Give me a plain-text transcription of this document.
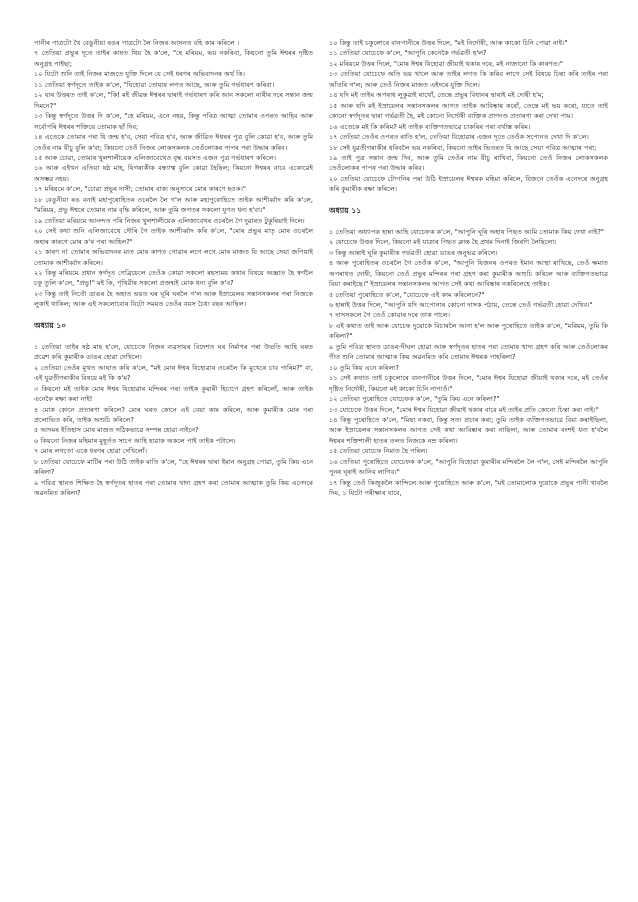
পানীৰ পাত্ৰটো থৈ বেঙুনীয়া ৰঙৰ পাত্ৰটো লৈ নিজৰ আসনত বহি কাম কৰিলে ।

৭ তেতিয়া প্ৰভুৰ দূতে তাইৰ কাষত থিয় হৈ ক'লে, "হে মৰিয়ম, ভয় নকৰিবা, কিয়নো তুমি ঈশ্বৰৰ দৃষ্টিত অনুগ্ৰহ পাইছা;

১০ যিটো শুনি তাই নিজৰ মাজতে যুক্তি দিলে যে সেই ধৰণৰ অভিবাদনৰ অৰ্থ কি।

১১ তেতিয়া স্বৰ্গদূতে তাইক ক'লে, "যিহোৱা তোমাৰ লগত আছে, আৰু তুমি গৰ্ভধাৰণ কৰিবা।

১২ যাৰ উত্তৰত তাই ক'লে, "কি! মই জীৱন্ত ঈশ্বৰৰ দ্বাৰাই গৰ্ভধাৰণ কৰি আন সকলো নাৰীৰ দৰে সন্তান জন্ম দিমনে?"

১৩ কিন্তু স্বৰ্গদূতে উত্তৰ দি ক'লে, "হে মৰিয়ম, এনে নহয়, কিন্তু পবিত্ৰ আত্মা তোমাৰ ওপৰত আহিব আৰু সৰ্বোপৰি ঈশ্বৰৰ শক্তিয়ে তোমাক ছাঁ দিব;

১৪ এতেকে তোমাৰ পৰা যি জন্ম হ'ব, সেয়া পবিত্ৰ হ'ব, আৰু জীৱিত ঈশ্বৰৰ পুত্ৰ বুলি কোৱা হ'ব, আৰু তুমি তেওঁৰ নাম যীচু বুলি ক'বা; কিয়নো তেওঁ নিজৰ লোকসকলক তেওঁলোকৰ পাপৰ পৰা উদ্ধাৰ কৰিব।

১৫ আৰু চোৱা, তোমাৰ খুলশালীয়েক এলিজাবেথেও বৃদ্ধ বয়সত এজন পুত্ৰ গৰ্ভধাৰণ কৰিলে।

১৬ আৰু এইখন এতিয়া ষষ্ঠ মাহ, যিগৰাকীক বন্ধ্যাত্ব বুলি কোৱা হৈছিল; কিয়নো ঈশ্বৰৰ বাবে একোৱেই অসম্ভৱ নহয়।

১৭ মৰিয়মে ক'লে, "চোৱা প্ৰভুৰ দাসী; তোমাৰ বাক্য অনুসাৰে মোৰ কাৰণে হওক।"

১৮ বেঙুনীয়া ৰঙ বনাই মহাপুৰোহিতৰ ওচৰলৈ লৈ গ'ল আৰু মহাপুৰোহিতে তাইক আশীৰ্ব্বাদ কৰি ক'লে, "মৰিয়ম, প্ৰভু ঈশ্বৰে তোমাৰ নাম বৃদ্ধি কৰিলে, আৰু তুমি জগতৰ সকলো যুগত ধন্য হ'বা।"

১৯ তেতিয়া মৰিয়মে আনন্দত পৰি নিজৰ খুলশালীয়েক এলিজাবেথৰ ওচৰলৈ গৈ দুৱাৰত টুকুৰিয়াই দিলে।

২০ সেই কথা শুনি এলিজাবেথে দৌৰি গৈ তাইক আশীৰ্ব্বাদ কৰি ক'লে, "মোৰ প্ৰভুৰ মাতৃ মোৰ ওচৰলৈ অহাৰ কাৰণে মোৰ ক'ৰ পৰা আহিল?"

২১ কাৰণ ন! তোমাৰ অভিবাদনৰ মাত মোৰ কাণত পোৱাৰ লগে লগে মোৰ মাজত যি আছে সেয়া জপিয়াই তোমাক আশীৰ্ব্বাদ কৰিলে।

২২ কিন্তু মৰিয়মে প্ৰধান স্বৰ্গদূত গেব্ৰিয়েলে তেওঁক কোৱা সকলো ৰহস্যময় কথাৰ বিষয়ে অজ্ঞাত হৈ স্বৰ্গলৈ চকু তুলি ক'লে, "প্ৰভু!" মই কি, পৃথিৱীৰ সকলো প্ৰজন্মই মোক ধন্য বুলি ক'ব?

২৩ কিন্তু তাই নিতৌ ডাঙৰ হৈ অহাত ভয়ত ঘৰ ঘূৰি ঘৰলৈ গ'ল আৰু ইস্ৰায়েলৰ সন্তানসকলৰ পৰা নিজকে লুকাই থাকিল; আৰু এই সকলোবোৰ যিটো সময়ত তেওঁৰ বয়স চৈধ্য বছৰ আছিল।

অধ্যায় ১০

১ তেতিয়া তাইৰ ষষ্ঠ মাহ হ'লে, যোচেফে নিজৰ ব্যৱসায়ৰ বিদেশত ঘৰ নিৰ্মাণৰ পৰা উভতি আহি ঘৰত প্ৰৱেশ কৰি কুমাৰীক ডাঙৰ হোৱা দেখিলে।

২ তেতিয়া তেওঁৰ মুখত আঘাত কৰি ক'লে, "মই মোৰ ঈশ্বৰ যিহোৱাৰ ওচৰলৈ কি মুখেৰে চাব পাৰিম?" বা, এই যুৱতীগৰাকীৰ বিষয়ে মই কি ক'ম?

৩ কিয়নো মই তাইক মোৰ ঈশ্বৰ যিহোৱাৰ মন্দিৰৰ পৰা তাইক কুমাৰী হিচাপে গ্ৰহণ কৰিলোঁ, আৰু তাইক এনেকৈ ৰক্ষা কৰা নাই!

৪ মোক কোনে প্ৰতাৰণা কৰিলে? মোৰ ঘৰত কোনে এই বেয়া কাম কৰিলে, আৰু কুমাৰীক মোৰ পৰা প্ৰলোভিত কৰি, তাইক অশুচি কৰিলে?

৫ আদমৰ ইতিহাস মোৰ মাজত সঠিকভাৱে সম্পন্ন হোৱা নাইনে?

৬ কিয়নো নিজৰ মহিমাৰ মুহূৰ্তত সাপে আহি হাৱাক অকলে পাই তাইক পটালে।

৭ মোৰ লগতো একে ধৰণৰ হোৱা দেখিলোঁ।

৮ তেতিয়া যোচেফে মাটিৰ পৰা উঠি তাইক মাতি ক'লে, "হে ঈশ্বৰৰ দ্বাৰা ইমান অনুগ্ৰহ পোৱা, তুমি কিয় এনে কৰিলা?

৯ পবিত্ৰ স্থানত শিক্ষিত হৈ স্বৰ্গদূতৰ হাতৰ পৰা তোমাৰ খাদ্য গ্ৰহণ কৰা তোমাৰ আত্মাক তুমি কিয় এনেদৰে অৱনমিত কৰিলা?

১০ কিন্তু তাই চকুলোৰে বানপানীৰে উত্তৰ দিলে, "মই নিৰ্দোষী, আৰু কাকো চিনি পোৱা নাই।"

১১ তেতিয়া যোচেফে ক'লে, "আপুনি কেনেকৈ গৰ্ভৱতী হ'ল?

১২ মৰিয়মে উত্তৰ দিলে, "মোৰ ঈশ্বৰ যিহোৱা জীয়াই থকাৰ দৰে, মই নাজানো কি কাৰণত।"

১৩ তেতিয়া যোচেফে অতি ভয় খালে আৰু তাইৰ লগত কি কৰিব লাগে সেই বিষয়ে চিন্তা কৰি তাইৰ পৰা আঁতৰি গ'ল; আৰু তেওঁ নিজৰ মাজত এইদৰে যুক্তি দিলে।

১৪ যদি মই তাইৰ অপৰাধ লুকুৱাই ৰাখোঁ, তেন্তে প্ৰভুৰ বিধানৰ দ্বাৰাই মই দোষী হ'ম;

১৫ আৰু যদি মই ইস্ৰায়েলৰ সন্তানসকলৰ আগত তাইক আবিষ্কাৰ কৰোঁ, তেন্তে মই ভয় কৰো, যাতে তাই কোনো স্বৰ্গদূতৰ দ্বাৰা গৰ্ভৱতী হৈ, মই কোনো নিৰ্দোষী ব্যক্তিক প্ৰাণদণ্ড প্ৰতাৰণা কৰা দেখা পাম।

১৬ এতেকে মই কি কৰিম? মই তাইক ব্যক্তিগতভাৱে চাকৰিৰ পৰা বৰ্খাস্ত কৰিম।

১৭ তেতিয়া তেওঁৰ ওপৰত ৰাতি হ'ল, তেতিয়া যিহোৱাৰ এজন দূতে তেওঁক সপোনত দেখা দি ক'লে।

১৮ সেই যুৱতীগৰাকীৰ ধৰিবলৈ ভয় নকৰিবা, কিয়নো তাইৰ ভিতৰত যি আছে সেয়া পবিত্ৰ আত্মাৰ পৰা;

১৯ তাই পুত্ৰ সন্তান জন্ম দিব, আৰু তুমি তেওঁৰ নাম যীচু ৰাখিবা, কিয়নো তেওঁ নিজৰ লোকসকলক তেওঁলোকৰ পাপৰ পৰা উদ্ধাৰ কৰিব।

২০ তেতিয়া যোচেফে টোপনিৰ পৰা উঠি ইস্ৰায়েলৰ ঈশ্বৰক মহিমা কৰিলে, যিজনে তেওঁক এনেদৰে অনুগ্ৰহ কৰি কুমাৰীক ৰক্ষা কৰিলে।

অধ্যায় ১১

১ তেতিয়া অধ্যাপক হান্না আহি যোচেফক ক'লে, "আপুনি ঘূৰি অহাৰ পিছত আমি তোমাক কিয় দেখা নাই?"

২ যোচেফে উত্তৰ দিলে, কিয়নো মই যাত্ৰাৰ পিছত ক্লান্ত হৈ প্ৰথম দিনাই জিৰণি লৈছিলো।

৩ কিন্তু আন্নাই ঘূৰি কুমাৰীক গৰ্ভৱতী হোৱা ডাঙৰ অনুভৱ কৰিলে।

৪ আৰু পুৰোহিতৰ ওচৰলৈ গৈ তেওঁক ক'লে, "আপুনি যিজনৰ ওপৰত ইমান আস্থা ৰাখিছে, তেওঁ ক্ষমাত অপৰাধত দোষী, কিয়নো তেওঁ প্ৰভুৰ মন্দিৰৰ পৰা গ্ৰহণ কৰা কুমাৰীক অশুচি কৰিলে আৰু ব্যক্তিগতভাৱে বিয়া কৰাইছে।" ইস্ৰায়েলৰ সন্তানসকলৰ আগত সেই কথা আবিষ্কাৰ নকৰিলেহে তাইক।

৫ তেতিয়া পুৰোহিতে ক'লে, "যোচেফে এই কাম কৰিলেনে?"

৬ হান্নাই উত্তৰ দিলে, "আপুনি যদি আপোনাৰ কোনো দাসক পঠায়, তেন্তে তেওঁ গৰ্ভৱতী হোৱা দেখিব।"

৭ দাসসকলে গৈ তেওঁ কোৱাৰ দৰে তাক পালে।

৮ এই কথাত তাই আৰু যোচেফ দুয়োকে বিচাৰলৈ আনা হ'ল আৰু পুৰোহিতে তাইক ক'লে, "মৰিয়ম, তুমি কি কৰিলা?"

৯ তুমি পবিত্ৰ স্থানত ডাঙৰ-দীঘল হোৱা আৰু স্বৰ্গদূতৰ হাতৰ পৰা তোমাৰ খাদ্য গ্ৰহণ কৰি আৰু তেওঁলোকৰ গীত শুনি তোমাৰ আত্মাক কিয় অৱনমিত কৰি তোমাৰ ঈশ্বৰক পাহৰিলা?

১০ তুমি কিয় এনে কৰিলা?

১১ সেই কথাত তাই চকুলোৰে বানপানীৰে উত্তৰ দিলে, "মোৰ ঈশ্বৰ যিহোৱা জীয়াই থকাৰ দৰে, মই তেওঁৰ দৃষ্টিত নিৰ্দোষী, কিয়নো মই কাকো চিনি নাপাওঁ।"

১২ তেতিয়া পুৰোহিতে যোচেফক ক'লে, "তুমি কিয় এনে কৰিলা?"

১৩ যোচেফে উত্তৰ দিলে, "মোৰ ঈশ্বৰ যিহোৱা জীয়াই থকাৰ বাবে মই তাইৰ প্ৰতি কোনো চিন্তা কৰা নাই।"

১৪ কিন্তু পুৰোহিতে ক'লে, "মিছা নকবা, কিন্তু সত্য প্ৰচাৰ কৰা; তুমি তাইক ব্যক্তিগতভাৱে বিয়া কৰাইছিলা, আৰু ইস্ৰায়েলৰ সন্তানসকলৰ আগত সেই কথা আবিষ্কাৰ কৰা নাছিলা, আৰু তোমাৰ বংশই ধন্য হ'বলৈ ঈশ্বৰৰ শক্তিশালী হাতৰ তলত নিজকে নম্ৰ কৰিলা।

১৫ তেতিয়া যোচেফ নিমাত হৈ পৰিল।

১৬ তেতিয়া পুৰোহিতে যোচেফক ক'লে, "আপুনি যিহোৱা কুমাৰীৰ মন্দিৰলৈ লৈ গ'ল, সেই মন্দিৰলৈ আপুনি পুনৰ ঘূৰাই আনিব লাগিব।"

১৭ কিন্তু তেওঁ কিজুকলৈ কান্দিলে আৰু পুৰোহিতে আৰু ক'লে, "মই তোমালোক দুয়োকে প্ৰভুৰ পানী খাবলৈ দিম, ১ যিটো পৰীক্ষাৰ বাবে,
